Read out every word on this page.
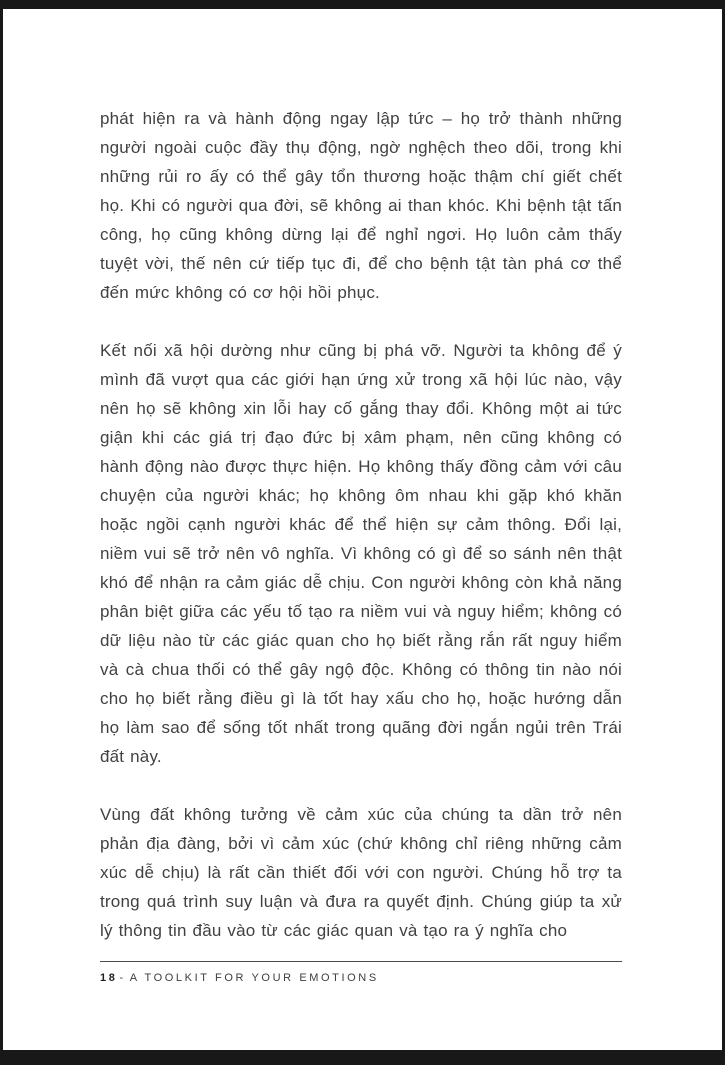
phát hiện ra và hành động ngay lập tức – họ trở thành những người ngoài cuộc đầy thụ động, ngờ nghệch theo dõi, trong khi những rủi ro ấy có thể gây tổn thương hoặc thậm chí giết chết họ. Khi có người qua đời, sẽ không ai than khóc. Khi bệnh tật tấn công, họ cũng không dừng lại để nghỉ ngơi. Họ luôn cảm thấy tuyệt vời, thế nên cứ tiếp tục đi, để cho bệnh tật tàn phá cơ thể đến mức không có cơ hội hồi phục.

Kết nối xã hội dường như cũng bị phá vỡ. Người ta không để ý mình đã vượt qua các giới hạn ứng xử trong xã hội lúc nào, vậy nên họ sẽ không xin lỗi hay cố gắng thay đổi. Không một ai tức giận khi các giá trị đạo đức bị xâm phạm, nên cũng không có hành động nào được thực hiện. Họ không thấy đồng cảm với câu chuyện của người khác; họ không ôm nhau khi gặp khó khăn hoặc ngồi cạnh người khác để thể hiện sự cảm thông. Đổi lại, niềm vui sẽ trở nên vô nghĩa. Vì không có gì để so sánh nên thật khó để nhận ra cảm giác dễ chịu. Con người không còn khả năng phân biệt giữa các yếu tố tạo ra niềm vui và nguy hiểm; không có dữ liệu nào từ các giác quan cho họ biết rằng rắn rất nguy hiểm và cà chua thối có thể gây ngộ độc. Không có thông tin nào nói cho họ biết rằng điều gì là tốt hay xấu cho họ, hoặc hướng dẫn họ làm sao để sống tốt nhất trong quãng đời ngắn ngủi trên Trái đất này.

Vùng đất không tưởng về cảm xúc của chúng ta dần trở nên phản địa đàng, bởi vì cảm xúc (chứ không chỉ riêng những cảm xúc dễ chịu) là rất cần thiết đối với con người. Chúng hỗ trợ ta trong quá trình suy luận và đưa ra quyết định. Chúng giúp ta xử lý thông tin đầu vào từ các giác quan và tạo ra ý nghĩa cho

18 - A TOOLKIT FOR YOUR EMOTIONS
